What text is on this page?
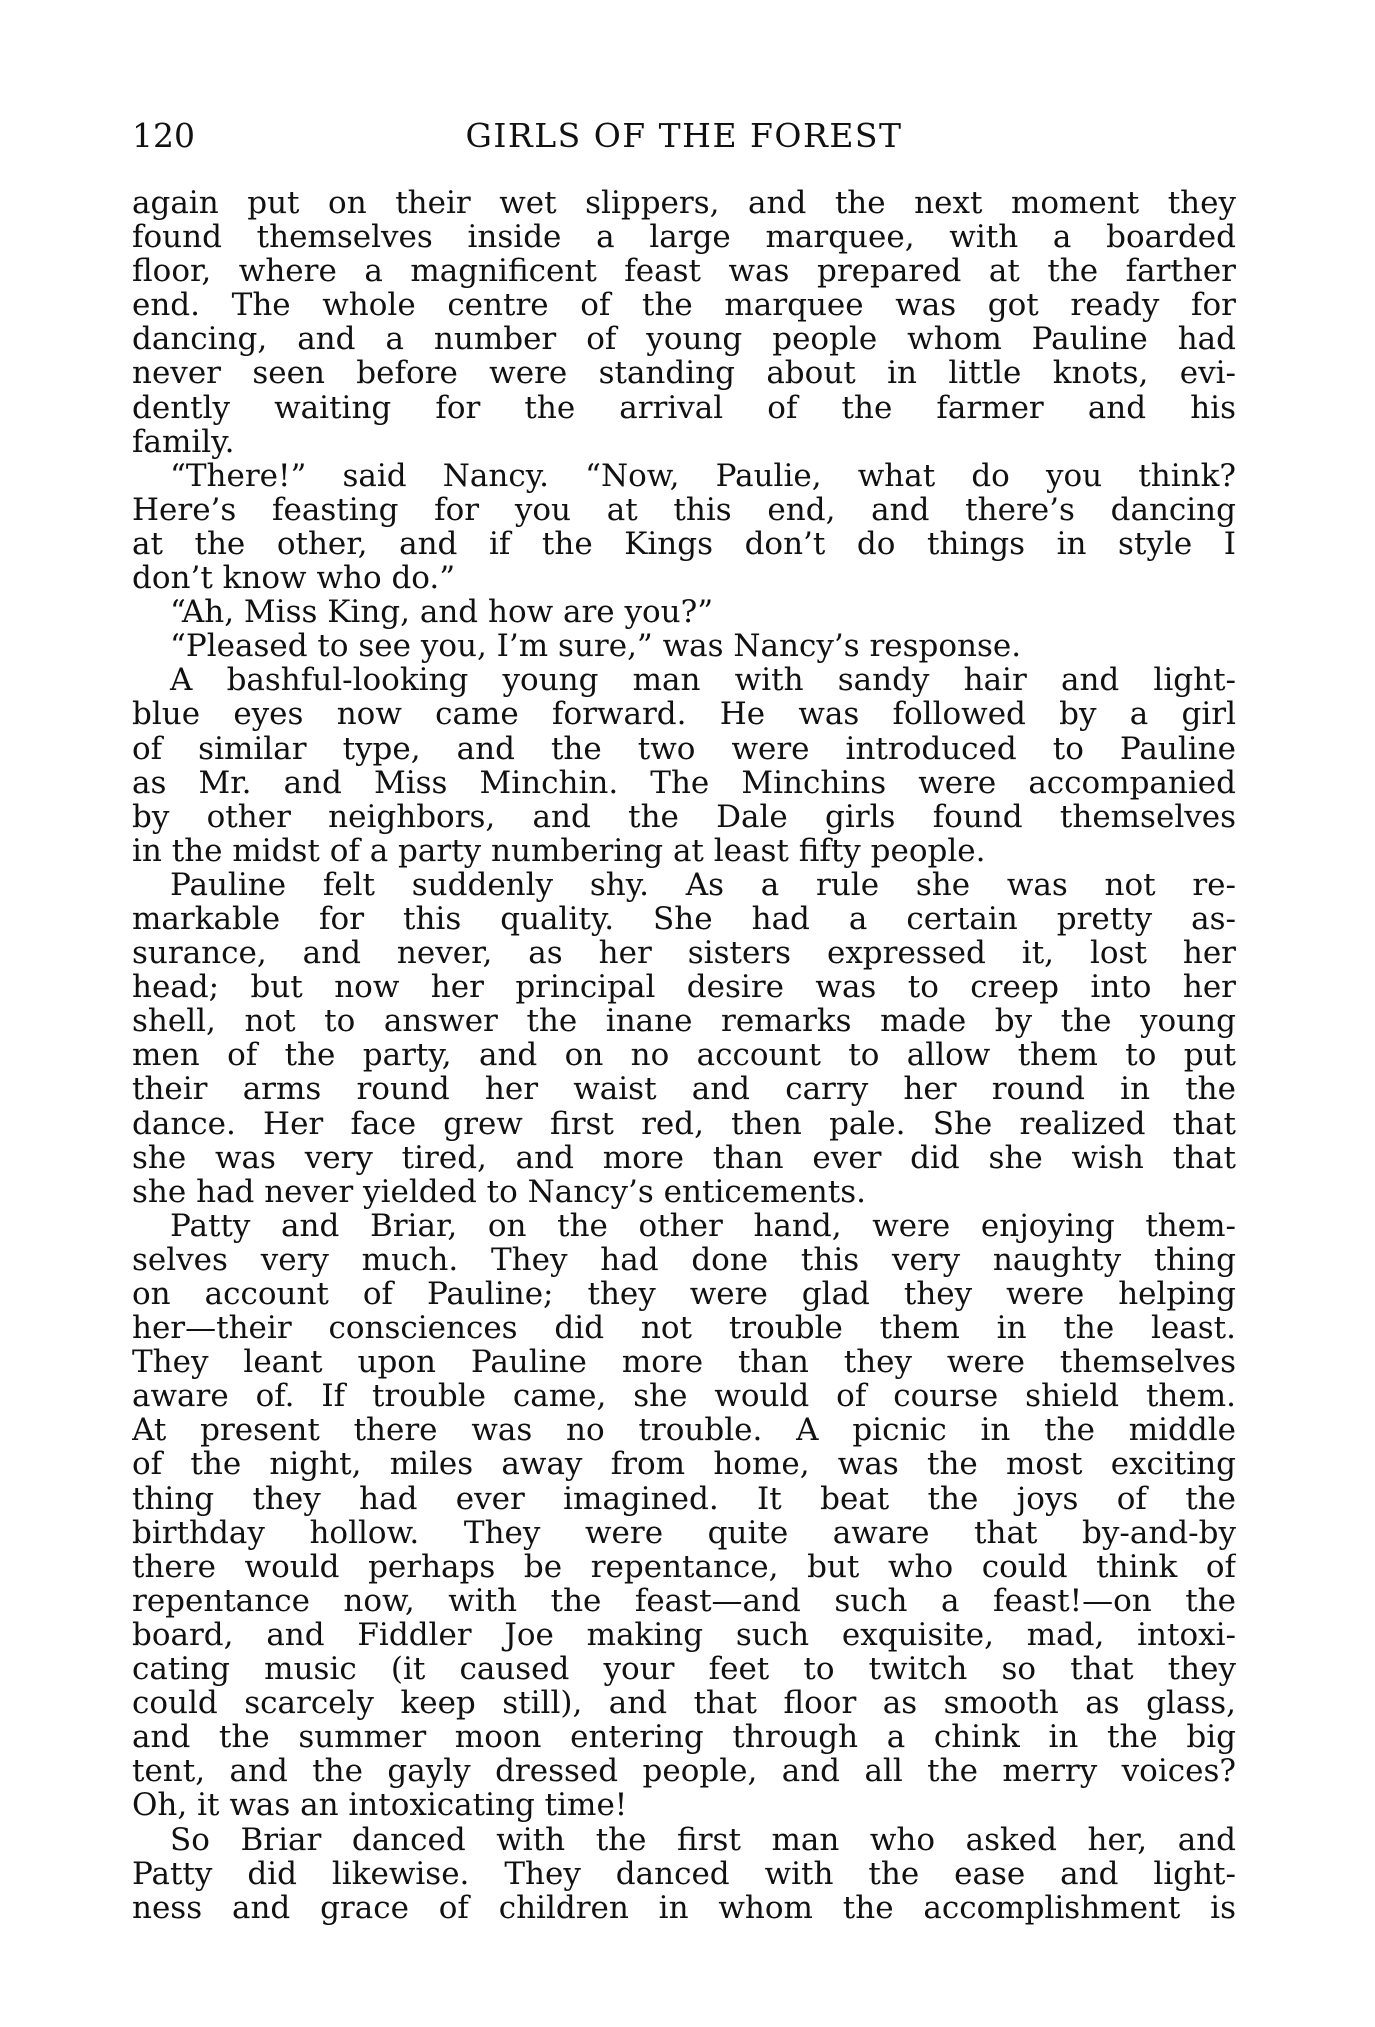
120	GIRLS OF THE FOREST
again put on their wet slippers, and the next moment they
found themselves inside a large marquee, with a boarded
floor, where a magnificent feast was prepared at the farther
end. The whole centre of the marquee was got ready for
dancing, and a number of young people whom Pauline had
never seen before were standing about in little knots, evi-
dently waiting for the arrival of the farmer and his
family.
“There!” said Nancy. “Now, Paulie, what do you think?
Here’s feasting for you at this end, and there’s dancing
at the other, and if the Kings don’t do things in style I
don’t know who do.”
“Ah, Miss King, and how are you?”
“Pleased to see you, I’m sure,” was Nancy’s response.
A bashful-looking young man with sandy hair and light-
blue eyes now came forward. He was followed by a girl
of similar type, and the two were introduced to Pauline
as Mr. and Miss Minchin. The Minchins were accompanied
by other neighbors, and the Dale girls found themselves
in the midst of a party numbering at least fifty people.
Pauline felt suddenly shy. As a rule she was not re-
markable for this quality. She had a certain pretty as-
surance, and never, as her sisters expressed it, lost her
head; but now her principal desire was to creep into her
shell, not to answer the inane remarks made by the young
men of the party, and on no account to allow them to put
their arms round her waist and carry her round in the
dance. Her face grew first red, then pale. She realized that
she was very tired, and more than ever did she wish that
she had never yielded to Nancy’s enticements.
Patty and Briar, on the other hand, were enjoying them-
selves very much. They had done this very naughty thing
on account of Pauline; they were glad they were helping
her—their consciences did not trouble them in the least.
They leant upon Pauline more than they were themselves
aware of. If trouble came, she would of course shield them.
At present there was no trouble. A picnic in the middle
of the night, miles away from home, was the most exciting
thing they had ever imagined. It beat the joys of the
birthday hollow. They were quite aware that by-and-by
there would perhaps be repentance, but who could think of
repentance now, with the feast—and such a feast!—on the
board, and Fiddler Joe making such exquisite, mad, intoxi-
cating music (it caused your feet to twitch so that they
could scarcely keep still), and that floor as smooth as glass,
and the summer moon entering through a chink in the big
tent, and the gayly dressed people, and all the merry voices?
Oh, it was an intoxicating time!
So Briar danced with the first man who asked her, and
Patty did likewise. They danced with the ease and light-
ness and grace of children in whom the accomplishment is
